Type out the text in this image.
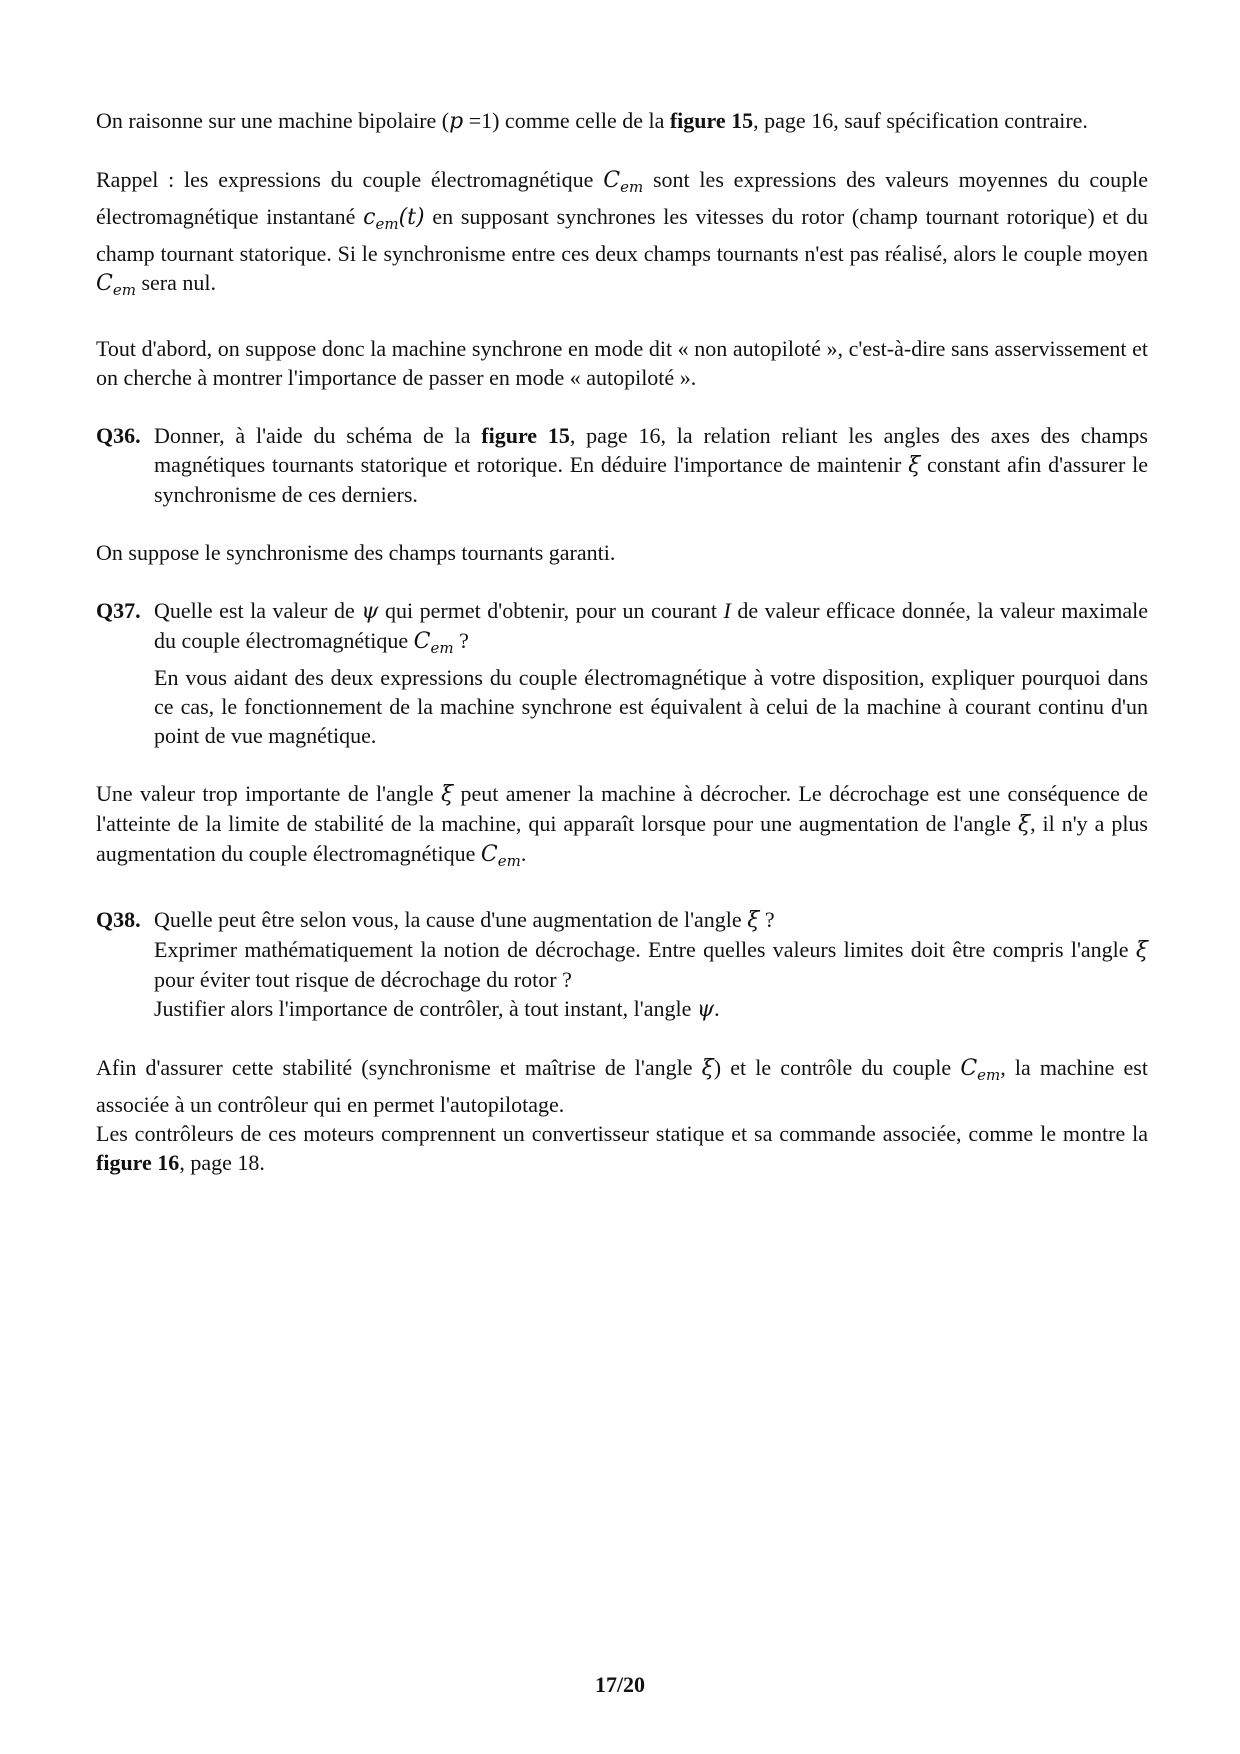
On raisonne sur une machine bipolaire (p =1) comme celle de la figure 15, page 16, sauf spécification contraire.

Rappel : les expressions du couple électromagnétique $C_{em}$ sont les expressions des valeurs moyennes du couple électromagnétique instantané $c_{em}(t)$ en supposant synchrones les vitesses du rotor (champ tournant rotorique) et du champ tournant statorique. Si le synchronisme entre ces deux champs tournants n'est pas réalisé, alors le couple moyen $C_{em}$ sera nul.

Tout d'abord, on suppose donc la machine synchrone en mode dit « non autopiloté », c'est-à-dire sans asservissement et on cherche à montrer l'importance de passer en mode « autopiloté ».

Q36. Donner, à l'aide du schéma de la figure 15, page 16, la relation reliant les angles des axes des champs magnétiques tournants statorique et rotorique. En déduire l'importance de maintenir ξ constant afin d'assurer le synchronisme de ces derniers.

On suppose le synchronisme des champs tournants garanti.

Q37. Quelle est la valeur de ψ qui permet d'obtenir, pour un courant I de valeur efficace donnée, la valeur maximale du couple électromagnétique $C_{em}$ ?

En vous aidant des deux expressions du couple électromagnétique à votre disposition, expliquer pourquoi dans ce cas, le fonctionnement de la machine synchrone est équivalent à celui de la machine à courant continu d'un point de vue magnétique.

Une valeur trop importante de l'angle ξ peut amener la machine à décrocher. Le décrochage est une conséquence de l'atteinte de la limite de stabilité de la machine, qui apparaît lorsque pour une augmentation de l'angle ξ, il n'y a plus augmentation du couple électromagnétique $C_{em}$.

Q38. Quelle peut être selon vous, la cause d'une augmentation de l'angle ξ ?

Exprimer mathématiquement la notion de décrochage. Entre quelles valeurs limites doit être compris l'angle ξ pour éviter tout risque de décrochage du rotor ?

Justifier alors l'importance de contrôler, à tout instant, l'angle ψ.

Afin d'assurer cette stabilité (synchronisme et maîtrise de l'angle ξ) et le contrôle du couple $C_{em}$, la machine est associée à un contrôleur qui en permet l'autopilotage.

Les contrôleurs de ces moteurs comprennent un convertisseur statique et sa commande associée, comme le montre la figure 16, page 18.

17/20
